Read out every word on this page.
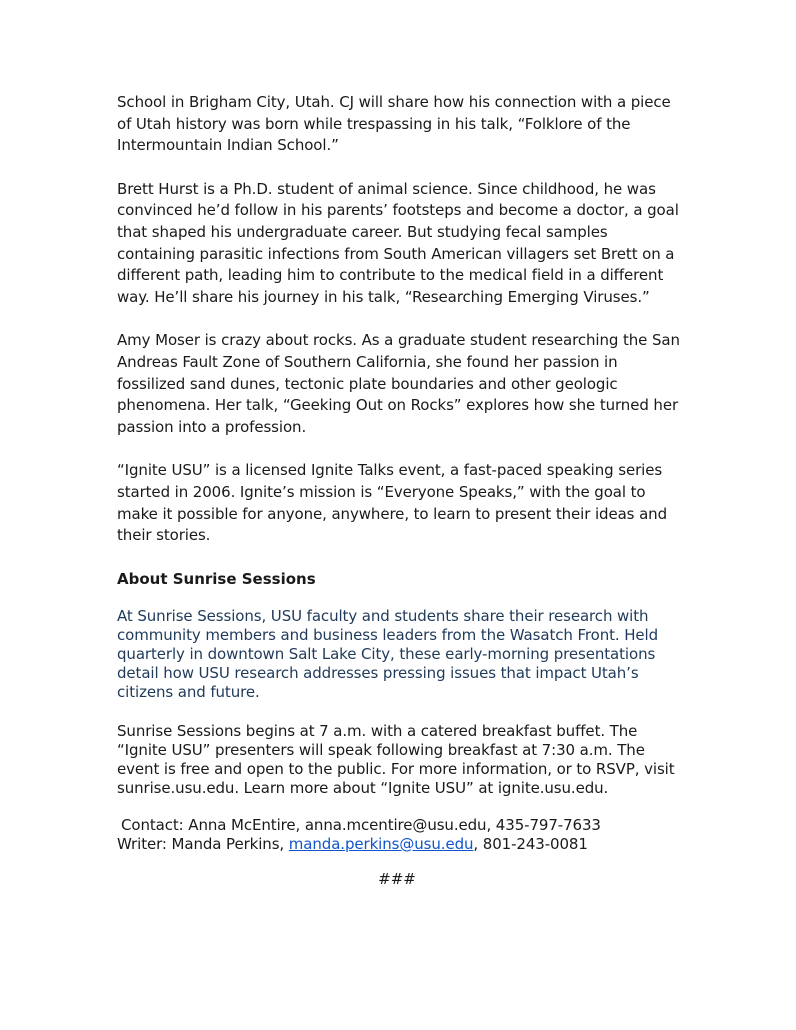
School in Brigham City, Utah. CJ will share how his connection with a piece of Utah history was born while trespassing in his talk, “Folklore of the Intermountain Indian School.”

Brett Hurst is a Ph.D. student of animal science. Since childhood, he was convinced he’d follow in his parents’ footsteps and become a doctor, a goal that shaped his undergraduate career. But studying fecal samples containing parasitic infections from South American villagers set Brett on a different path, leading him to contribute to the medical field in a different way. He’ll share his journey in his talk, “Researching Emerging Viruses.”

Amy Moser is crazy about rocks. As a graduate student researching the San Andreas Fault Zone of Southern California, she found her passion in fossilized sand dunes, tectonic plate boundaries and other geologic phenomena. Her talk, “Geeking Out on Rocks” explores how she turned her passion into a profession.

“Ignite USU” is a licensed Ignite Talks event, a fast-paced speaking series started in 2006. Ignite’s mission is “Everyone Speaks,” with the goal to make it possible for anyone, anywhere, to learn to present their ideas and their stories.

About Sunrise Sessions

At Sunrise Sessions, USU faculty and students share their research with community members and business leaders from the Wasatch Front. Held quarterly in downtown Salt Lake City, these early-morning presentations detail how USU research addresses pressing issues that impact Utah’s citizens and future.

Sunrise Sessions begins at 7 a.m. with a catered breakfast buffet. The “Ignite USU” presenters will speak following breakfast at 7:30 a.m. The event is free and open to the public. For more information, or to RSVP, visit sunrise.usu.edu. Learn more about “Ignite USU” at ignite.usu.edu.

Contact: Anna McEntire, anna.mcentire@usu.edu, 435-797-7633
Writer: Manda Perkins, manda.perkins@usu.edu, 801-243-0081
###
